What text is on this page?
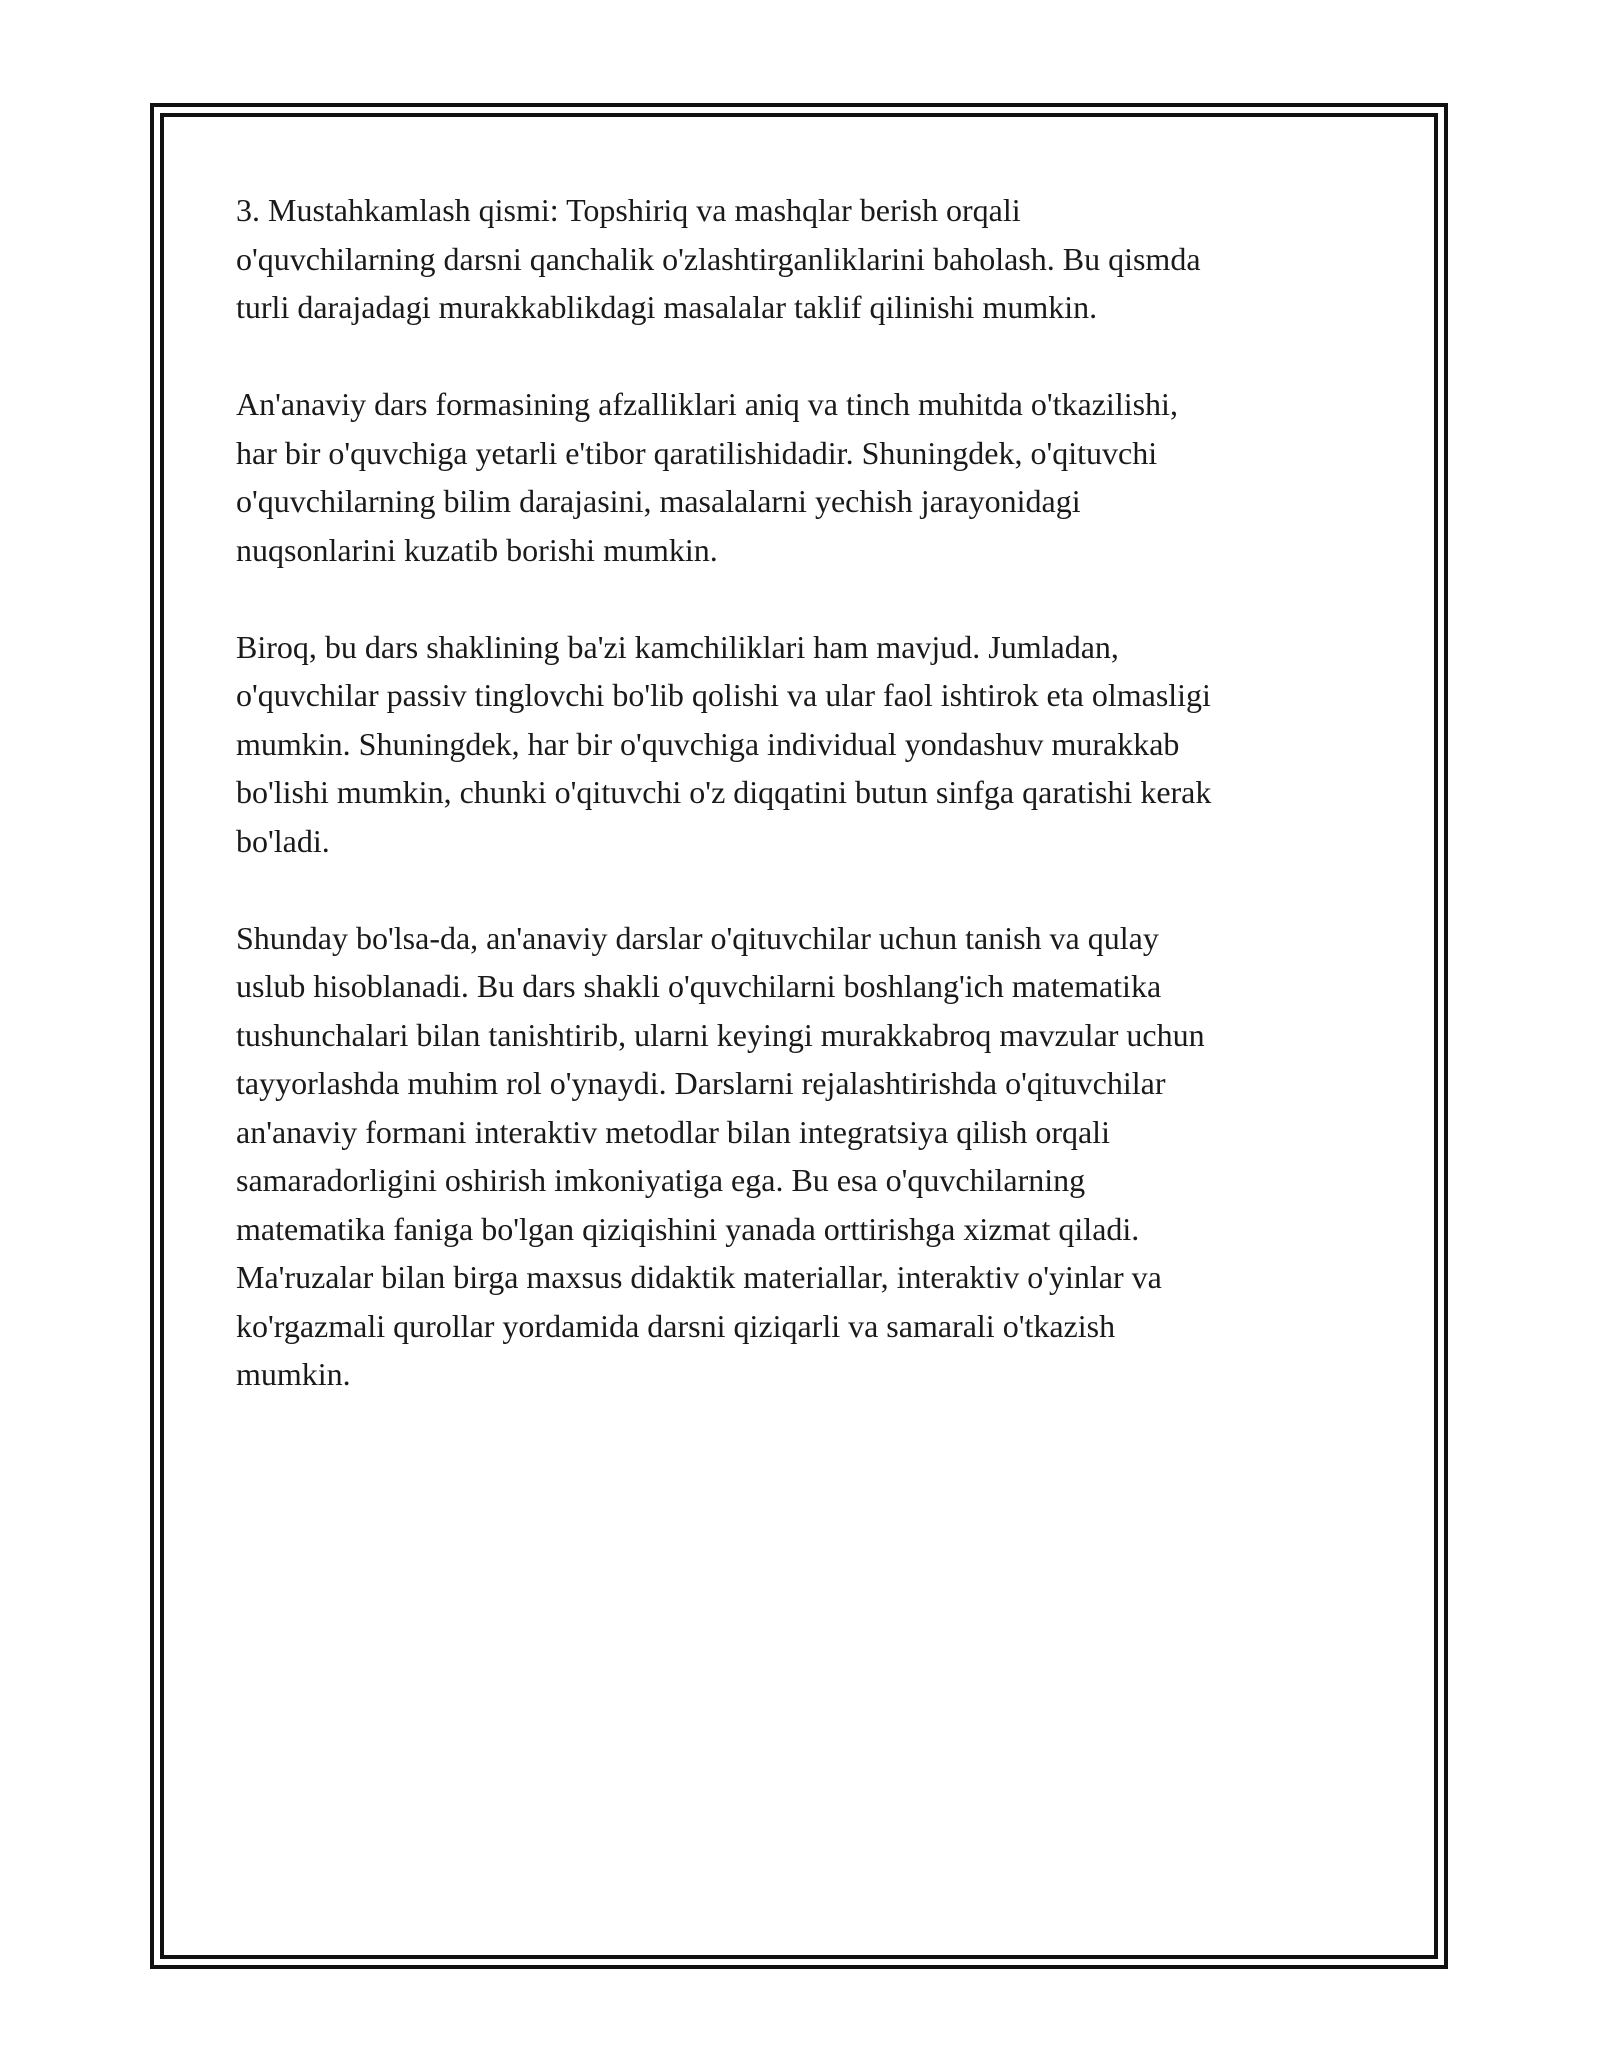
3. Mustahkamlash qismi: Topshiriq va mashqlar berish orqali
o'quvchilarning darsni qanchalik o'zlashtirganliklarini baholash. Bu qismda
turli darajadagi murakkablikdagi masalalar taklif qilinishi mumkin.

An'anaviy dars formasining afzalliklari aniq va tinch muhitda o'tkazilishi,
har bir o'quvchiga yetarli e'tibor qaratilishidadir. Shuningdek, o'qituvchi
o'quvchilarning bilim darajasini, masalalarni yechish jarayonidagi
nuqsonlarini kuzatib borishi mumkin.

Biroq, bu dars shaklining ba'zi kamchiliklari ham mavjud. Jumladan,
o'quvchilar passiv tinglovchi bo'lib qolishi va ular faol ishtirok eta olmasligi
mumkin. Shuningdek, har bir o'quvchiga individual yondashuv murakkab
bo'lishi mumkin, chunki o'qituvchi o'z diqqatini butun sinfga qaratishi kerak
bo'ladi.

Shunday bo'lsa-da, an'anaviy darslar o'qituvchilar uchun tanish va qulay
uslub hisoblanadi. Bu dars shakli o'quvchilarni boshlang'ich matematika
tushunchalari bilan tanishtirib, ularni keyingi murakkabroq mavzular uchun
tayyorlashda muhim rol o'ynaydi. Darslarni rejalashtirishda o'qituvchilar
an'anaviy formani interaktiv metodlar bilan integratsiya qilish orqali
samaradorligini oshirish imkoniyatiga ega. Bu esa o'quvchilarning
matematika faniga bo'lgan qiziqishini yanada orttirishga xizmat qiladi.
Ma'ruzalar bilan birga maxsus didaktik materiallar, interaktiv o'yinlar va
ko'rgazmali qurollar yordamida darsni qiziqarli va samarali o'tkazish
mumkin.
